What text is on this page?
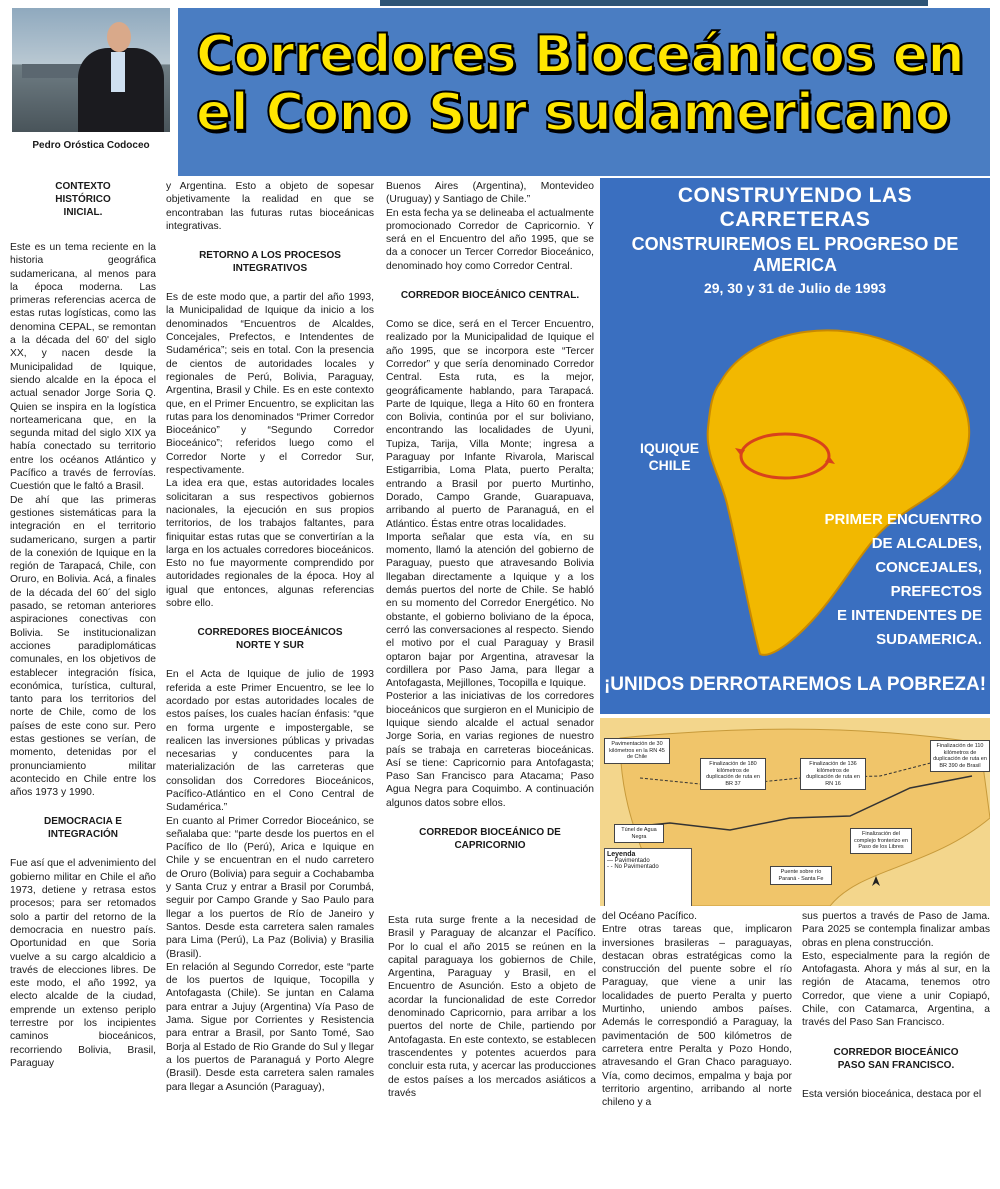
Pedro Oróstica Codoceo
Corredores Bioceánicos en el Cono Sur sudamericano
CONTEXTO
HISTÓRICO
INICIAL.

Este es un tema reciente en la historia geográfica sudamericana, al menos para la época moderna. Las primeras referencias acerca de estas rutas logísticas, como las denomina CEPAL, se remontan a la década del 60' del siglo XX, y nacen desde la Municipalidad de Iquique, siendo alcalde en la época el actual senador Jorge Soria Q. Quien se inspira en la logística norteamericana que, en la segunda mitad del siglo XIX ya había conectado su territorio entre los océanos Atlántico y Pacífico a través de ferrovías. Cuestión que le faltó a Brasil.

De ahí que las primeras gestiones sistemáticas para la integración en el territorio sudamericano, surgen a partir de la conexión de Iquique en la región de Tarapacá, Chile, con Oruro, en Bolivia. Acá, a finales de la década del 60´ del siglo pasado, se retoman anteriores aspiraciones conectivas con Bolivia. Se institucionalizan acciones paradiplomáticas comunales, en los objetivos de establecer integración física, económica, turística, cultural, tanto para los territorios del norte de Chile, como de los países de este cono sur. Pero estas gestiones se verían, de momento, detenidas por el pronunciamiento militar acontecido en Chile entre los años 1973 y 1990.

DEMOCRACIA E INTEGRACIÓN

Fue así que el advenimiento del gobierno militar en Chile el año 1973, detiene y retrasa estos procesos; para ser retomados solo a partir del retorno de la democracia en nuestro país. Oportunidad en que Soria vuelve a su cargo alcaldicio a través de elecciones libres. De este modo, el año 1992, ya electo alcalde de la ciudad, emprende un extenso periplo terrestre por los incipientes caminos bioceánicos, recorriendo Bolivia, Brasil, Paraguay

y Argentina. Esto a objeto de sopesar objetivamente la realidad en que se encontraban las futuras rutas bioceánicas integrativas.

RETORNO A LOS PROCESOS INTEGRATIVOS

Es de este modo que, a partir del año 1993, la Municipalidad de Iquique da inicio a los denominados “Encuentros de Alcaldes, Concejales, Prefectos, e Intendentes de Sudamérica”; seis en total. Con la presencia de cientos de autoridades locales y regionales de Perú, Bolivia, Paraguay, Argentina, Brasil y Chile. Es en este contexto que, en el Primer Encuentro, se explicitan las rutas para los denominados “Primer Corredor Bioceánico” y “Segundo Corredor Bioceánico”; referidos luego como el Corredor Norte y el Corredor Sur, respectivamente.

La idea era que, estas autoridades locales solicitaran a sus respectivos gobiernos nacionales, la ejecución en sus propios territorios, de los trabajos faltantes, para finiquitar estas rutas que se convertirían a la larga en los actuales corredores bioceánicos. Esto no fue mayormente comprendido por autoridades regionales de la época. Hoy al igual que entonces, algunas referencias sobre ello.

CORREDORES BIOCEÁNICOS
NORTE Y SUR

En el Acta de Iquique de julio de 1993 referida a este Primer Encuentro, se lee lo acordado por estas autoridades locales de estos países, los cuales hacían énfasis: “que en forma urgente e impostergable, se realicen las inversiones públicas y privadas necesarias y conducentes para la materialización de las carreteras que consolidan dos Corredores Bioceánicos, Pacífico-Atlántico en el Cono Central de Sudamérica.”

En cuanto al Primer Corredor Bioceánico, se señalaba que: “parte desde los puertos en el Pacífico de Ilo (Perú), Arica e Iquique en Chile y se encuentran en el nudo carretero de Oruro (Bolivia) para seguir a Cochabamba y Santa Cruz y entrar a Brasil por Corumbá, seguir por Campo Grande y Sao Paulo para llegar a los puertos de Río de Janeiro y Santos. Desde esta carretera salen ramales para Lima (Perú), La Paz (Bolivia) y Brasilia (Brasil).

En relación al Segundo Corredor, este “parte de los puertos de Iquique, Tocopilla y Antofagasta (Chile). Se juntan en Calama para entrar a Jujuy (Argentina) Vía Paso de Jama. Sigue por Corrientes y Resistencia para entrar a Brasil, por Santo Tomé, Sao Borja al Estado de Rio Grande do Sul y llegar a los puertos de Paranaguá y Porto Alegre (Brasil). Desde esta carretera salen ramales para llegar a Asunción (Paraguay),

Buenos Aires (Argentina), Montevideo (Uruguay) y Santiago de Chile.”

En esta fecha ya se delineaba el actualmente promocionado Corredor de Capricornio. Y será en el Encuentro del año 1995, que se da a conocer un Tercer Corredor Bioceánico, denominado hoy como Corredor Central.

CORREDOR BIOCEÁNICO CENTRAL.

Como se dice, será en el Tercer Encuentro, realizado por la Municipalidad de Iquique el año 1995, que se incorpora este “Tercer Corredor” y que sería denominado Corredor Central. Esta ruta, es la mejor, geográficamente hablando, para Tarapacá. Parte de Iquique, llega a Hito 60 en frontera con Bolivia, continúa por el sur boliviano, encontrando las localidades de Uyuni, Tupiza, Tarija, Villa Monte; ingresa a Paraguay por Infante Rivarola, Mariscal Estigarribia, Loma Plata, puerto Peralta; entrando a Brasil por puerto Murtinho, Dorado, Campo Grande, Guarapuava, arribando al puerto de Paranaguá, en el Atlántico. Éstas entre otras localidades.

Importa señalar que esta vía, en su momento, llamó la atención del gobierno de Paraguay, puesto que atravesando Bolivia llegaban directamente a Iquique y a los demás puertos del norte de Chile. Se habló en su momento del Corredor Energético. No obstante, el gobierno boliviano de la época, cerró las conversaciones al respecto. Siendo el motivo por el cual Paraguay y Brasil optaron bajar por Argentina, atravesar la cordillera por Paso Jama, para llegar a Antofagasta, Mejillones, Tocopilla e Iquique.

Posterior a las iniciativas de los corredores bioceánicos que surgieron en el Municipio de Iquique siendo alcalde el actual senador Jorge Soria, en varias regiones de nuestro país se trabaja en carreteras bioceánicas. Así se tiene: Capricornio para Antofagasta; Paso San Francisco para Atacama; Paso Agua Negra para Coquimbo. A continuación algunos datos sobre ellos.

CORREDOR BIOCEÁNICO DE CAPRICORNIO

Esta ruta surge frente a la necesidad de Brasil y Paraguay de alcanzar el Pacífico. Por lo cual el año 2015 se reúnen en la capital paraguaya los gobiernos de Chile, Argentina, Paraguay y Brasil, en el Encuentro de Asunción. Esto a objeto de acordar la funcionalidad de este Corredor denominado Capricornio, para arribar a los puertos del norte de Chile, partiendo por Antofagasta. En este contexto, se establecen trascendentes y potentes acuerdos para concluir esta ruta, y acercar las producciones de estos países a los mercados asiáticos a través

del Océano Pacífico.

Entre otras tareas que, implicaron inversiones brasileras – paraguayas, destacan obras estratégicas como la construcción del puente sobre el río Paraguay, que viene a unir las localidades de puerto Peralta y puerto Murtinho, uniendo ambos países. Además le correspondió a Paraguay, la pavimentación de 500 kilómetros de carretera entre Peralta y Pozo Hondo, atravesando el Gran Chaco paraguayo. Vía, como decimos, empalma y baja por territorio argentino, arribando al norte chileno y a

sus puertos a través de Paso de Jama. Para 2025 se contempla finalizar ambas obras en plena construcción.

Esto, especialmente para la región de Antofagasta. Ahora y más al sur, en la región de Atacama, tenemos otro Corredor, que viene a unir Copiapó, Chile, con Catamarca, Argentina, a través del Paso San Francisco.

CORREDOR BIOCEÁNICO
PASO SAN FRANCISCO.

Esta versión bioceánica, destaca por el

CONSTRUYENDO LAS CARRETERAS
CONSTRUIREMOS EL PROGRESO DE AMERICA
29, 30 y 31 de Julio de 1993
IQUIQUE
CHILE
PRIMER ENCUENTRO
DE ALCALDES,
CONCEJALES, PREFECTOS
E INTENDENTES DE
SUDAMERICA.
¡UNIDOS DERROTAREMOS LA POBREZA!
Pavimentación de 30 kilómetros en la RN 45 de Chile
Finalización de 180 kilómetros de duplicación de ruta en BR 37
Finalización de 136 kilómetros de duplicación de ruta en RN 16
Finalización de 110 kilómetros de duplicación de ruta en BR 390 de Brasil
Finalización del complejo fronterizo en Paso de los Libres
Túnel de Agua Negra
Puente sobre río Paraná - Santa Fe
Leyenda
― Pavimentado
- - No Pavimentado
